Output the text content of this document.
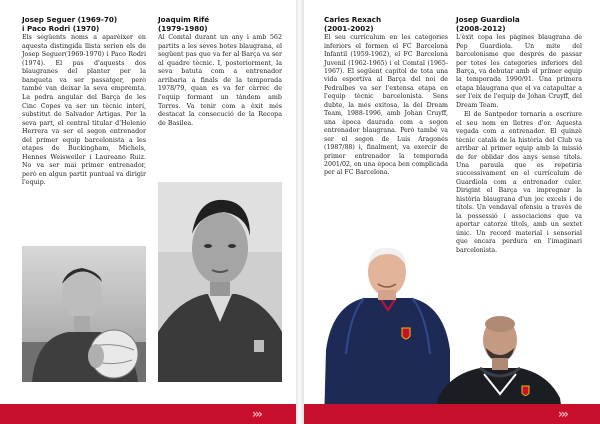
Josep Seguer (1969-70)
i Paco Rodri (1970)
Els següents noms a aparèixer en aquesta distingida llista serien els de Josep Seguer(1969-1970) i Paco Rodri (1974). El pas d'aquests dos blaugranes del planter per la banqueta va ser passatger, però també van deixar la seva empremta. La pedra angular del Barça de les Cinc Copes va ser un tècnic interí, substitut de Salvador Artigas. Per la seva part, el central titular d'Helenio Herrera va ser el segon entrenador del primer equip barcelonista a les etapes de Buckingham, Michels, Hennes Weisweiler i Laureano Ruiz. No va ser mai primer entrenador, però en algun partit puntual va dirigir l'equip.
Joaquim Rifé
(1979-1980)
Al Comtal durant un any i amb 562 partits a les seves botes blaugrana, el següent pas que va fer al Barça va ser al quadre tècnic. I, posteriorment, la seva batuta com a entrenador arribaria a finals de la temporada 1978/79, quan es va fer càrrec de l'equip formant un tàndem amb Torres. Va tenir com a èxit més destacat la consecució de la Recopa de Basilea.
Carles Rexach
(2001-2002)
El seu currículum en les categories inferiors el formen el FC Barcelona Infantil (1959-1962), el FC Barcelona Juvenil (1962-1965) i el Comtal (1965-1967). El següent capítol de tota una vida esportiva al Barça del noi de Pedralbes va ser l'extensa etapa en l'equip tècnic barcelonista. Sens dubte, la més exitosa, la del Dream Team, 1988-1996, amb Johan Cruyff, una època daurada com a segon entrenador blaugrana. Però també va ser el segon de Luis Aragonés (1987/88) i, finalment, va exercir de primer entrenador la temporada 2001/02, en una època ben complicada per al FC Barcelona.
Josep Guardiola
(2008-2012)
L'èxit copa les pàgines blaugrana de Pep Guardiola. Un mite del barcelonisme que després de passar per totes les categories inferiors del Barça, va debutar amb el primer equip la temporada 1990/91. Una primera etapa blaugrana que el va catapultar a ser l'eix de l'equip de Johan Cruyff, del Dream Team.
El de Santpedor tornaria a escriure el seu nom en lletres d'or. Aquesta vegada com a entrenador. El quinzè tècnic català de la història del Club va arribar al primer equip amb la missió de fer oblidar dos anys sense títols. Una paraula que es repetiria successivament en el currículum de Guardiola com a entrenador culer. Dirigint el Barça va impregnar la història blaugrana d'un joc excels i de títols. Un vendaval ofensiu a través de la possessió i associacions que va aportar catorze títols, amb un sextet únic. Un record material i sensorial que encara perdura en l'imaginari barcelonista.
›››	›››
